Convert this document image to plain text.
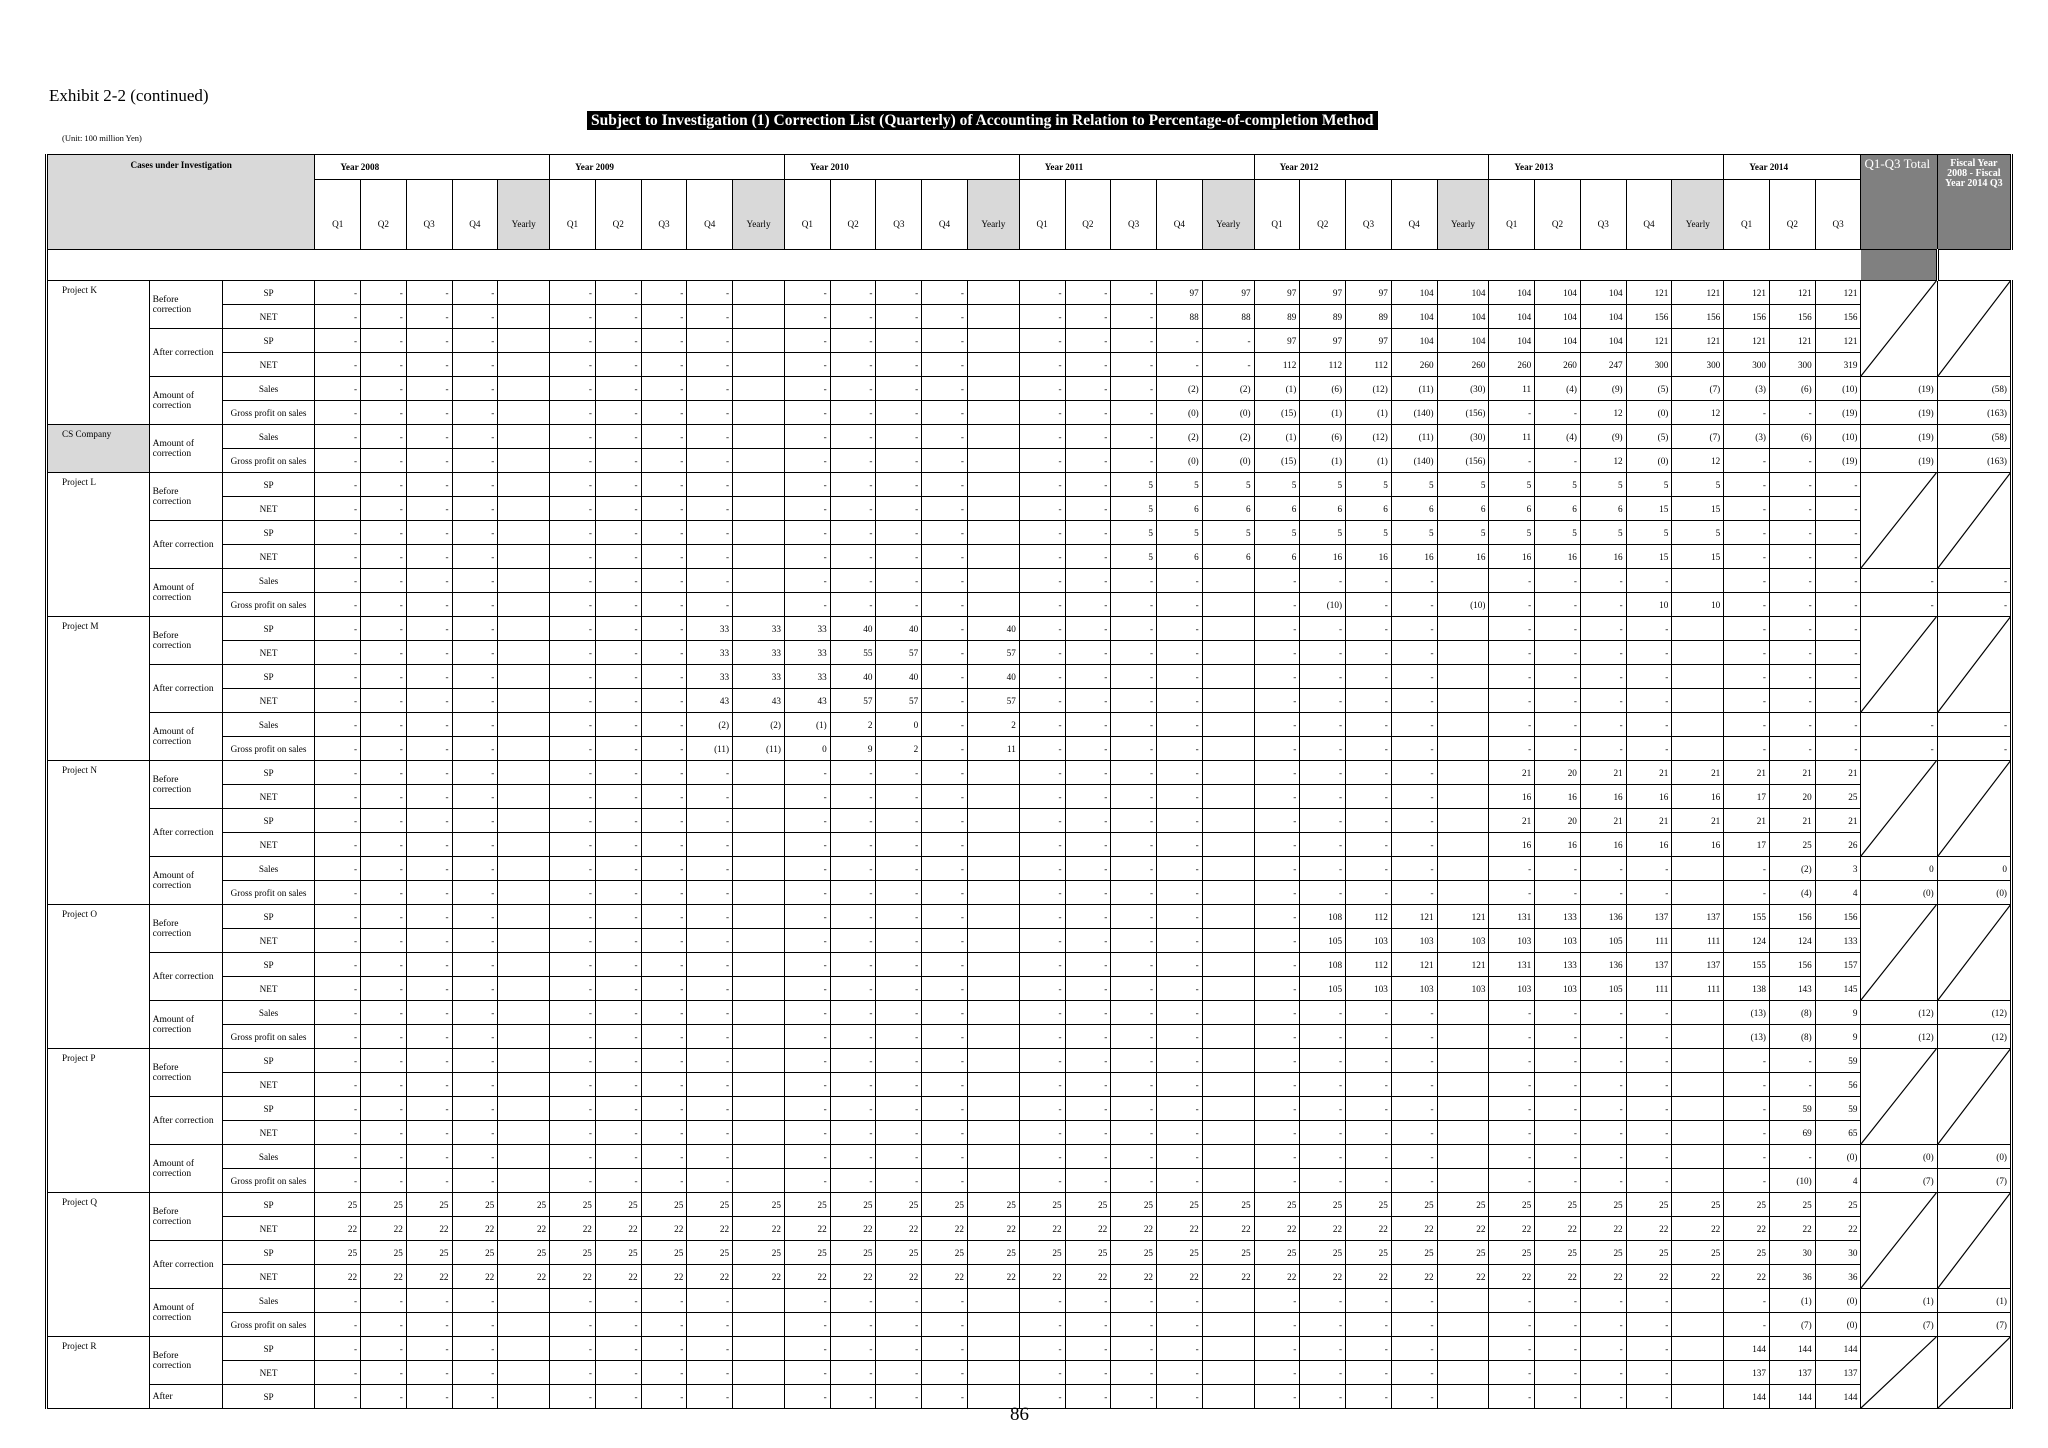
Exhibit 2-2 (continued)
Subject to Investigation (1) Correction List (Quarterly) of Accounting in Relation to Percentage-of-completion Method
(Unit: 100 million Yen)
Cases under Investigation			Year 2008					Year 2009					Year 2010					Year 2011					Year 2012					Year 2013					Year 2014			Q1-Q3 Total	Fiscal Year 2008 - Fiscal Year 2014 Q3
			Q1	Q2	Q3	Q4	Yearly	Q1	Q2	Q3	Q4	Yearly	Q1	Q2	Q3	Q4	Yearly	Q1	Q2	Q3	Q4	Yearly	Q1	Q2	Q3	Q4	Yearly	Q1	Q2	Q3	Q4	Yearly	Q1	Q2	Q3		

Project K	Before correction	SP	-	-	-	-		-	-	-	-		-	-	-	-		-	-	-	97	97	97	97	97	104	104	104	104	104	121	121	121	121	121	

		NET	-	-	-	-		-	-	-	-		-	-	-	-		-	-	-	88	88	89	89	89	104	104	104	104	104	156	156	156	156	156		
	After correction	SP	-	-	-	-		-	-	-	-		-	-	-	-		-	-	-	-	-	97	97	97	104	104	104	104	104	121	121	121	121	121		
		NET	-	-	-	-		-	-	-	-		-	-	-	-		-	-	-	-	-	112	112	112	260	260	260	260	247	300	300	300	300	319		
	Amount of correction	Sales	-	-	-	-		-	-	-	-		-	-	-	-		-	-	-	(2)	(2)	(1)	(6)	(12)	(11)	(30)	11	(4)	(9)	(5)	(7)	(3)	(6)	(10)	(19)	(58)
		Gross profit on sales	-	-	-	-		-	-	-	-		-	-	-	-		-	-	-	(0)	(0)	(15)	(1)	(1)	(140)	(156)	-	-	12	(0)	12	-	-	(19)	(19)	(163)
CS Company	Amount of correction	Sales	-	-	-	-		-	-	-	-		-	-	-	-		-	-	-	(2)	(2)	(1)	(6)	(12)	(11)	(30)	11	(4)	(9)	(5)	(7)	(3)	(6)	(10)	(19)	(58)
		Gross profit on sales	-	-	-	-		-	-	-	-		-	-	-	-		-	-	-	(0)	(0)	(15)	(1)	(1)	(140)	(156)	-	-	12	(0)	12	-	-	(19)	(19)	(163)
Project L	Before correction	SP	-	-	-	-		-	-	-	-		-	-	-	-		-	-	5	5	5	5	5	5	5	5	5	5	5	5	5	-	-	-	

		NET	-	-	-	-		-	-	-	-		-	-	-	-		-	-	5	6	6	6	6	6	6	6	6	6	6	15	15	-	-	-		
	After correction	SP	-	-	-	-		-	-	-	-		-	-	-	-		-	-	5	5	5	5	5	5	5	5	5	5	5	5	5	-	-	-		
		NET	-	-	-	-		-	-	-	-		-	-	-	-		-	-	5	6	6	6	16	16	16	16	16	16	16	15	15	-	-	-		
	Amount of correction	Sales	-	-	-	-		-	-	-	-		-	-	-	-		-	-	-	-		-	-	-	-		-	-	-	-		-	-	-	-	-
		Gross profit on sales	-	-	-	-		-	-	-	-		-	-	-	-		-	-	-	-		-	(10)	-	-	(10)	-	-	-	10	10	-	-	-	-	-
Project M	Before correction	SP	-	-	-	-		-	-	-	33	33	33	40	40	-	40	-	-	-	-		-	-	-	-		-	-	-	-		-	-	-	

		NET	-	-	-	-		-	-	-	33	33	33	55	57	-	57	-	-	-	-		-	-	-	-		-	-	-	-		-	-	-		
	After correction	SP	-	-	-	-		-	-	-	33	33	33	40	40	-	40	-	-	-	-		-	-	-	-		-	-	-	-		-	-	-		
		NET	-	-	-	-		-	-	-	43	43	43	57	57	-	57	-	-	-	-		-	-	-	-		-	-	-	-		-	-	-		
	Amount of correction	Sales	-	-	-	-		-	-	-	(2)	(2)	(1)	2	0	-	2	-	-	-	-		-	-	-	-		-	-	-	-		-	-	-	-	-
		Gross profit on sales	-	-	-	-		-	-	-	(11)	(11)	0	9	2	-	11	-	-	-	-		-	-	-	-		-	-	-	-		-	-	-	-	-
Project N	Before correction	SP	-	-	-	-		-	-	-	-		-	-	-	-		-	-	-	-		-	-	-	-		21	20	21	21	21	21	21	21	

		NET	-	-	-	-		-	-	-	-		-	-	-	-		-	-	-	-		-	-	-	-		16	16	16	16	16	17	20	25		
	After correction	SP	-	-	-	-		-	-	-	-		-	-	-	-		-	-	-	-		-	-	-	-		21	20	21	21	21	21	21	21		
		NET	-	-	-	-		-	-	-	-		-	-	-	-		-	-	-	-		-	-	-	-		16	16	16	16	16	17	25	26		
	Amount of correction	Sales	-	-	-	-		-	-	-	-		-	-	-	-		-	-	-	-		-	-	-	-		-	-	-	-		-	(2)	3	0	0
		Gross profit on sales	-	-	-	-		-	-	-	-		-	-	-	-		-	-	-	-		-	-	-	-		-	-	-	-		-	(4)	4	(0)	(0)
Project O	Before correction	SP	-	-	-	-		-	-	-	-		-	-	-	-		-	-	-	-		-	108	112	121	121	131	133	136	137	137	155	156	156	

		NET	-	-	-	-		-	-	-	-		-	-	-	-		-	-	-	-		-	105	103	103	103	103	103	105	111	111	124	124	133		
	After correction	SP	-	-	-	-		-	-	-	-		-	-	-	-		-	-	-	-		-	108	112	121	121	131	133	136	137	137	155	156	157		
		NET	-	-	-	-		-	-	-	-		-	-	-	-		-	-	-	-		-	105	103	103	103	103	103	105	111	111	138	143	145		
	Amount of correction	Sales	-	-	-	-		-	-	-	-		-	-	-	-		-	-	-	-		-	-	-	-		-	-	-	-		(13)	(8)	9	(12)	(12)
		Gross profit on sales	-	-	-	-		-	-	-	-		-	-	-	-		-	-	-	-		-	-	-	-		-	-	-	-		(13)	(8)	9	(12)	(12)
Project P	Before correction	SP	-	-	-	-		-	-	-	-		-	-	-	-		-	-	-	-		-	-	-	-		-	-	-	-		-	-	59	

		NET	-	-	-	-		-	-	-	-		-	-	-	-		-	-	-	-		-	-	-	-		-	-	-	-		-	-	56		
	After correction	SP	-	-	-	-		-	-	-	-		-	-	-	-		-	-	-	-		-	-	-	-		-	-	-	-		-	59	59		
		NET	-	-	-	-		-	-	-	-		-	-	-	-		-	-	-	-		-	-	-	-		-	-	-	-		-	69	65		
	Amount of correction	Sales	-	-	-	-		-	-	-	-		-	-	-	-		-	-	-	-		-	-	-	-		-	-	-	-		-	-	(0)	(0)	(0)
		Gross profit on sales	-	-	-	-		-	-	-	-		-	-	-	-		-	-	-	-		-	-	-	-		-	-	-	-		-	(10)	4	(7)	(7)
Project Q	Before correction	SP	25	25	25	25	25	25	25	25	25	25	25	25	25	25	25	25	25	25	25	25	25	25	25	25	25	25	25	25	25	25	25	25	25	

		NET	22	22	22	22	22	22	22	22	22	22	22	22	22	22	22	22	22	22	22	22	22	22	22	22	22	22	22	22	22	22	22	22	22		
	After correction	SP	25	25	25	25	25	25	25	25	25	25	25	25	25	25	25	25	25	25	25	25	25	25	25	25	25	25	25	25	25	25	25	30	30		
		NET	22	22	22	22	22	22	22	22	22	22	22	22	22	22	22	22	22	22	22	22	22	22	22	22	22	22	22	22	22	22	22	36	36		
	Amount of correction	Sales	-	-	-	-		-	-	-	-		-	-	-	-		-	-	-	-		-	-	-	-		-	-	-	-		-	(1)	(0)	(1)	(1)
		Gross profit on sales	-	-	-	-		-	-	-	-		-	-	-	-		-	-	-	-		-	-	-	-		-	-	-	-		-	(7)	(0)	(7)	(7)
Project R	Before correction	SP	-	-	-	-		-	-	-	-		-	-	-	-		-	-	-	-		-	-	-	-		-	-	-	-		144	144	144	

		NET	-	-	-	-		-	-	-	-		-	-	-	-		-	-	-	-		-	-	-	-		-	-	-	-		137	137	137		
	After	SP	-	-	-	-		-	-	-	-		-	-	-	-		-	-	-	-		-	-	-	-		-	-	-	-		144	144	144		
86
